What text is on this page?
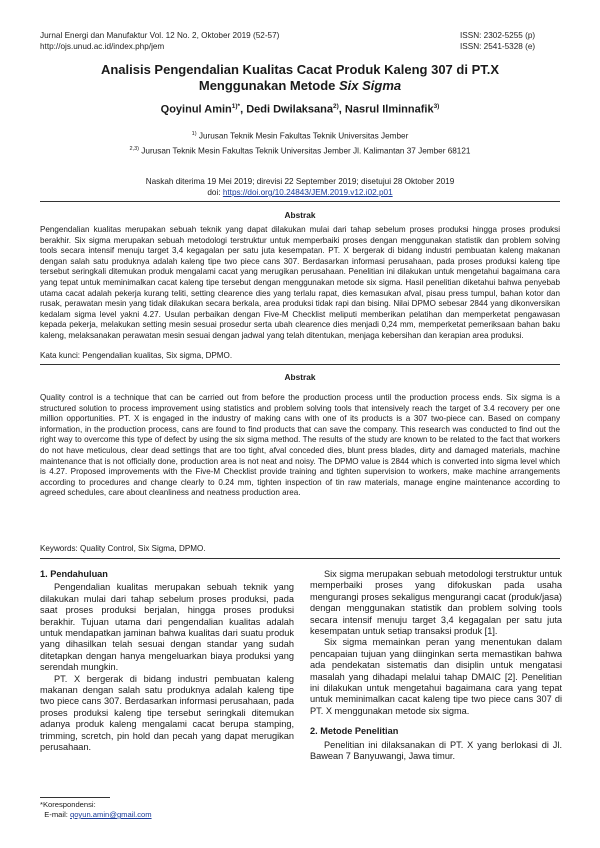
Jurnal Energi dan Manufaktur Vol. 12 No. 2, Oktober 2019 (52-57)
http://ojs.unud.ac.id/index.php/jem
ISSN: 2302-5255 (p)
ISSN: 2541-5328 (e)
Analisis Pengendalian Kualitas Cacat Produk Kaleng 307 di PT.X
Menggunakan Metode Six Sigma
Qoyinul Amin$^{1)*}$, Dedi Dwilaksana$^{2)}$, Nasrul Ilminnafik$^{3)}$
$^{1)}$ Jurusan Teknik Mesin Fakultas Teknik Universitas Jember
$^{2,3)}$ Jurusan Teknik Mesin Fakultas Teknik Universitas Jember Jl. Kalimantan 37 Jember 68121
Naskah diterima 19 Mei 2019; direvisi 22 September 2019; disetujui 28 Oktober 2019
doi: https://doi.org/10.24843/JEM.2019.v12.i02.p01
Abstrak
Pengendalian kualitas merupakan sebuah teknik yang dapat dilakukan mulai dari tahap sebelum proses produksi hingga proses produksi berakhir. Six sigma merupakan sebuah metodologi terstruktur untuk memperbaiki proses dengan menggunakan statistik dan problem solving tools secara intensif menuju target 3,4 kegagalan per satu juta kesempatan. PT. X bergerak di bidang industri pembuatan kaleng makanan dengan salah satu produknya adalah kaleng tipe two piece cans 307. Berdasarkan informasi perusahaan, pada proses produksi kaleng tipe tersebut seringkali ditemukan produk mengalami cacat yang merugikan perusahaan. Penelitian ini dilakukan untuk mengetahui bagaimana cara yang tepat untuk meminimalkan cacat kaleng tipe tersebut dengan menggunakan metode six sigma. Hasil penelitian diketahui bahwa penyebab utama cacat adalah pekerja kurang teliti, setting clearence dies yang terlalu rapat, dies kemasukan afval, pisau press tumpul, bahan kotor dan rusak, perawatan mesin yang tidak dilakukan secara berkala, area produksi tidak rapi dan bising. Nilai DPMO sebesar 2844 yang dikonversikan kedalam sigma level yakni 4.27. Usulan perbaikan dengan Five-M Checklist meliputi memberikan pelatihan dan memperketat pengawasan kepada pekerja, melakukan setting mesin sesuai prosedur serta ubah clearence dies menjadi 0,24 mm, memperketat pemeriksaan bahan baku kaleng, melaksanakan perawatan mesin sesuai dengan jadwal yang telah ditentukan, menjaga kebersihan dan kerapian area produksi.
Kata kunci: Pengendalian kualitas, Six sigma, DPMO.
Abstrak
Quality control is a technique that can be carried out from before the production process until the production process ends. Six sigma is a structured solution to process improvement using statistics and problem solving tools that intensively reach the target of 3.4 recovery per one million opportunities. PT. X is engaged in the industry of making cans with one of its products is a 307 two-piece can. Based on company information, in the production process, cans are found to find products that can save the company. This research was conducted to find out the right way to overcome this type of defect by using the six sigma method. The results of the study are known to be related to the fact that workers do not have meticulous, clear dead settings that are too tight, afval conceded dies, blunt press blades, dirty and damaged materials, machine maintenance that is not officially done, production area is not neat and noisy. The DPMO value is 2844 which is converted into sigma level which is 4.27. Proposed improvements with the Five-M Checklist provide training and tighten supervision to workers, make machine arrangements according to procedures and change clearly to 0.24 mm, tighten inspection of tin raw materials, manage engine maintenance according to agreed schedules, care about cleanliness and neatness production area.
Keywords: Quality Control, Six Sigma, DPMO.
1. Pendahuluan

Pengendalian kualitas merupakan sebuah teknik yang dilakukan mulai dari tahap sebelum proses produksi, pada saat proses produksi berjalan, hingga proses produksi berakhir. Tujuan utama dari pengendalian kualitas adalah untuk mendapatkan jaminan bahwa kualitas dari suatu produk yang dihasilkan telah sesuai dengan standar yang sudah ditetapkan dengan hanya mengeluarkan biaya produksi yang serendah mungkin.

PT. X bergerak di bidang industri pembuatan kaleng makanan dengan salah satu produknya adalah kaleng tipe two piece cans 307. Berdasarkan informasi perusahaan, pada proses produksi kaleng tipe tersebut seringkali ditemukan adanya produk kaleng mengalami cacat berupa stamping, trimming, scretch, pin hold dan pecah yang dapat merugikan perusahaan.

Six sigma merupakan sebuah metodologi terstruktur untuk memperbaiki proses yang difokuskan pada usaha mengurangi proses sekaligus mengurangi cacat (produk/jasa) dengan menggunakan statistik dan problem solving tools secara intensif menuju target 3,4 kegagalan per satu juta kesempatan untuk setiap transaksi produk [1].

Six sigma memainkan peran yang menentukan dalam pencapaian tujuan yang diinginkan serta memastikan bahwa ada pendekatan sistematis dan disiplin untuk mengatasi masalah yang dihadapi melalui tahap DMAIC [2]. Penelitian ini dilakukan untuk mengetahui bagaimana cara yang tepat untuk meminimalkan cacat kaleng tipe two piece cans 307 di PT. X menggunakan metode six sigma.

2. Metode Penelitian

Penelitian ini dilaksanakan di PT. X yang berlokasi di Jl. Bawean 7 Banyuwangi, Jawa timur.

*Korespondensi:
E-mail: qoyun.amin@gmail.com
